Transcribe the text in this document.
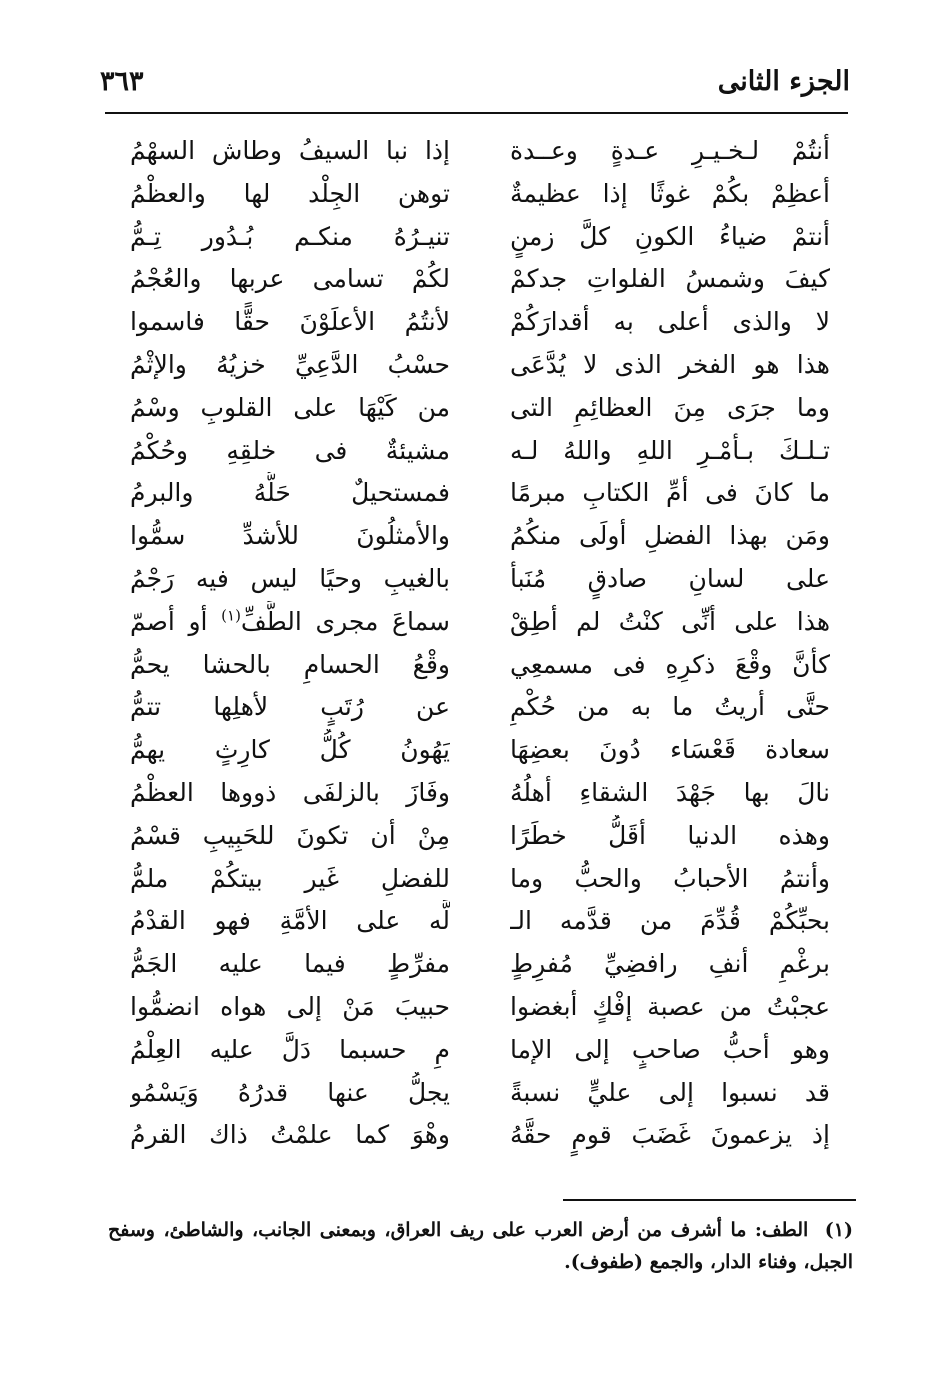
الجزء الثانى
٣٦٣
أنتُمْ لـخـيـرِ عـدةٍ وعــدة
إذا نبا السيفُ وطاش السهْمُ
أعظِمْ بكُمْ غوثًا إذا عظيمةٌ
توهن الجِلْد لها والعظْمُ
أنتمْ ضياءُ الكونِ كلَّ زمنٍ
تنيـرُهُ منكـم بُـدُور تِـمُّ
كيفَ وشمسُ الفلواتِ جدكمْ
لكُمْ تسامى عربها والعُجْمُ
لا والذى أعلى به أقدارَكُمْ
لأنتُمُ الأعلَوْنَ حقًّا فاسموا
هذا هو الفخر الذى لا يُدَّعَى
حسْبُ الدَّعِيِّ خزيُهُ والإثْمُ
وما جرَى مِنَ العظائِمِ التى
من كَيْهَا على القلوبِ وسْمُ
تـلـكَ بـأمْـرِ اللهِ واللهُ لـه
مشيئةٌ فى خلقِهِ وحُكْمُ
ما كانَ فى أمِّ الكتابِ مبرمًا
فمستحيلٌ حَلُّهُ والبرمُ
ومَن بهذا الفضلِ أولَى منكُمُ
والأمثلُونَ للأشدِّ سمُّوا
على لسانِ صادقٍ مُنَبأ
بالغيبِ وحيًا ليس فيه رَجْمُ
هذا على أنِّى كنْتُ لم أطِقْ
سماعَ مجرى الطَّفِّ$^{(١)}$ أو أصمّ
كأنَّ وقْعَ ذكرِهِ فى مسمعِي
وقْعُ الحسامِ بالحشا يحمُّ
حتَّى أريتُ ما به من حُكْمِ
عن رُتَبٍ لأهلِها تتمُّ
سعادة قَعْسَاء دُونَ بعضِهَا
يَهُونُ كُلُّ كارِثٍ يهمُّ
نالَ بها جَهْدَ الشقاءِ أهلُهُ
وفَازَ بالزلفَى ذووها العظْمُ
وهذه الدنيا أقَلُّ خطَرًا
مِنْ أن تكونَ للحَبِيبِ قسْمُ
وأنتمُ الأحبابُ والحبُّ وما
للفضلِ غَير بيتكُمْ ملمُّ
بحبِّكُمْ قُدِّمَ من قدَّمه الـ
لَّه على الأمَّةِ فهو القدْمُ
برغْمِ أنفِ رافضِيِّ مُفرِطٍ
مفرِّطٍ فيما عليه الجَمُّ
عجبْتُ من عصبة إفْكٍ أبغضوا
حبيبَ مَنْ إلى هواه انضمُّوا
وهو أحبُّ صاحبٍ إلى الإما
مِ حسبما دَلَّ عليه العِلْمُ
قد نسبوا إلى عليٍّ نسبةً
يجلُّ عنها قدرُهُ وَيَسْمُو
إذ يزعمونَ غَضَبَ قومٍ حقَّهُ
وهْوَ كما علمْتُ ذاك القرمُ
(١) الطف: ما أشرف من أرض العرب على ريف العراق، وبمعنى الجانب، والشاطئ، وسفح الجبل، وفناء الدار، والجمع (طفوف).
